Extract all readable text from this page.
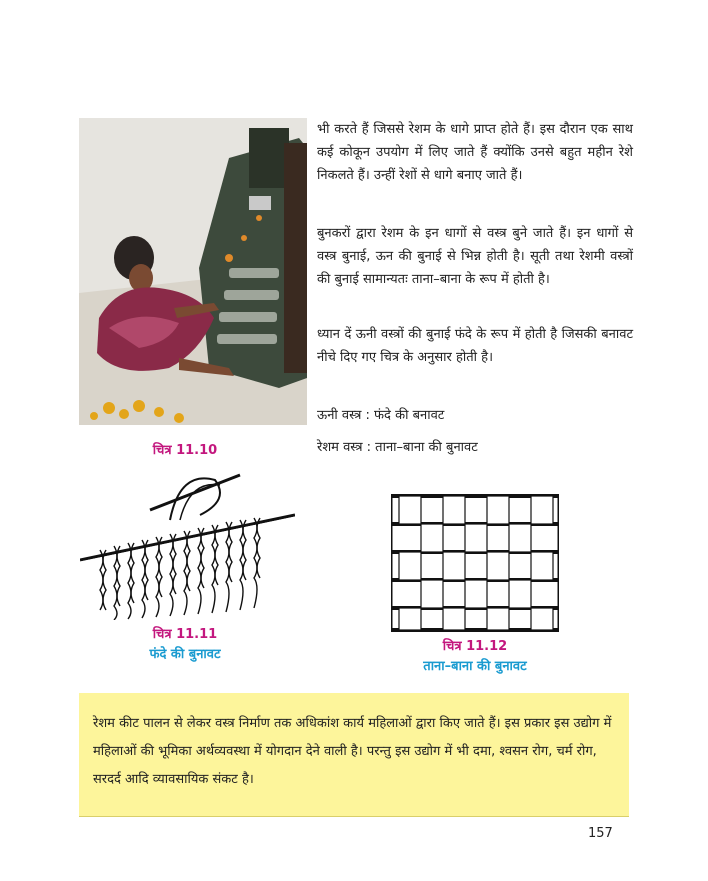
चित्र 11.10
भी करते हैं जिससे रेशम के धागे प्राप्त होते हैं। इस दौरान एक साथ कई कोकून उपयोग में लिए जाते हैं क्योंकि उनसे बहुत महीन रेशे निकलते हैं। उन्हीं रेशों से धागे बनाए जाते हैं।
बुनकरों द्वारा रेशम के इन धागों से वस्त्र बुने जाते हैं। इन धागों से वस्त्र बुनाई, ऊन की बुनाई से भिन्न होती है। सूती तथा रेशमी वस्त्रों की बुनाई सामान्यतः ताना–बाना के रूप में होती है।
ध्यान दें ऊनी वस्त्रों की बुनाई फंदे के रूप में होती है जिसकी बनावट नीचे दिए गए चित्र के अनुसार होती है।
ऊनी वस्त्र : फंदे की बनावट
रेशम वस्त्र : ताना–बाना की बुनावट
चित्र 11.11
फंदे की बुनावट
चित्र 11.12
ताना–बाना की बुनावट

रेशम कीट पालन से लेकर वस्त्र निर्माण तक अधिकांश कार्य महिलाओं द्वारा किए जाते हैं। इस प्रकार इस उद्योग में महिलाओं की भूमिका अर्थव्यवस्था में योगदान देने वाली है। परन्तु इस उद्योग में भी दमा, श्वसन रोग, चर्म रोग, सरदर्द आदि व्यावसायिक संकट है।

157
